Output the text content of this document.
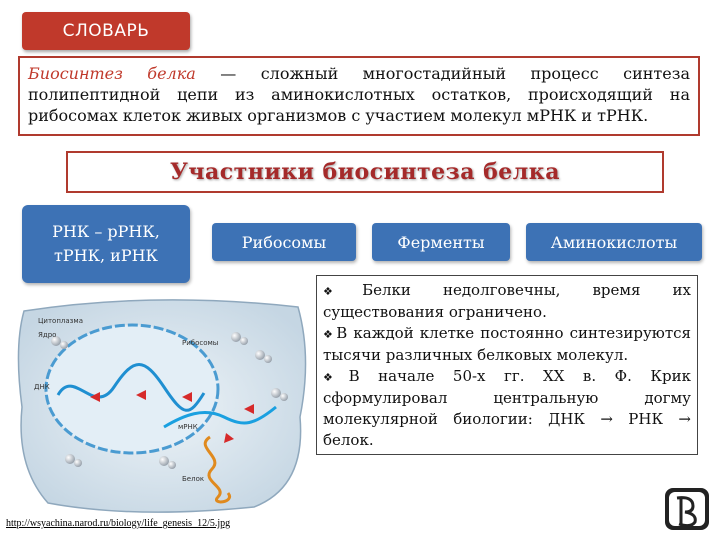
СЛОВАРЬ
Биосинтез белка — сложный многостадийный процесс синтеза полипептидной цепи из аминокислотных остатков, происходящий на рибосомах клеток живых организмов с участием молекул мРНК и тРНК.
Участники биосинтеза белка
РНК – рРНК,
тРНК, иРНК
Рибосомы	Ферменты	Аминокислоты

❖ Белки недолговечны, время их существования ограничено.

❖ В каждой клетке постоянно синтезируются тысячи различных белковых молекул.

❖ В начале 50-х гг. XX в. Ф. Крик сформулировал центральную догму молекулярной биологии: ДНК → РНК → белок.

Цитоплазма
Ядро
ДНК
Рибосомы
мРНК
Белок
http://wsyachina.narod.ru/biology/life_genesis_12/5.jpg
